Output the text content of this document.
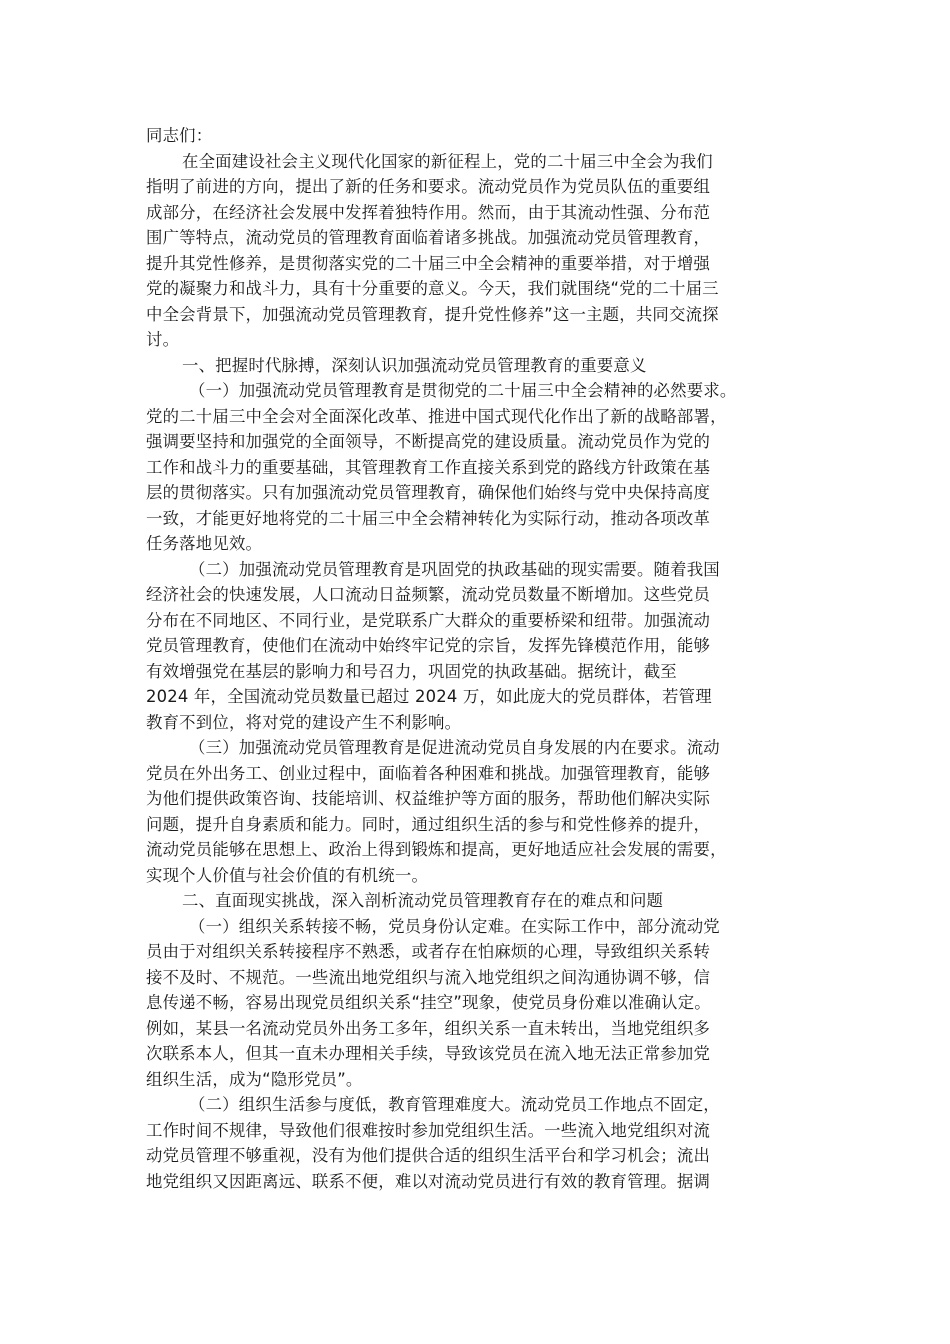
同志们：
在全面建设社会主义现代化国家的新征程上，党的二十届三中全会为我们
指明了前进的方向，提出了新的任务和要求。流动党员作为党员队伍的重要组
成部分，在经济社会发展中发挥着独特作用。然而，由于其流动性强、分布范
围广等特点，流动党员的管理教育面临着诸多挑战。加强流动党员管理教育，
提升其党性修养，是贯彻落实党的二十届三中全会精神的重要举措，对于增强
党的凝聚力和战斗力，具有十分重要的意义。今天，我们就围绕“党的二十届三
中全会背景下，加强流动党员管理教育，提升党性修养”这一主题，共同交流探
讨。
一、把握时代脉搏，深刻认识加强流动党员管理教育的重要意义
（一）加强流动党员管理教育是贯彻党的二十届三中全会精神的必然要求。
党的二十届三中全会对全面深化改革、推进中国式现代化作出了新的战略部署，
强调要坚持和加强党的全面领导，不断提高党的建设质量。流动党员作为党的
工作和战斗力的重要基础，其管理教育工作直接关系到党的路线方针政策在基
层的贯彻落实。只有加强流动党员管理教育，确保他们始终与党中央保持高度
一致，才能更好地将党的二十届三中全会精神转化为实际行动，推动各项改革
任务落地见效。
（二）加强流动党员管理教育是巩固党的执政基础的现实需要。随着我国
经济社会的快速发展，人口流动日益频繁，流动党员数量不断增加。这些党员
分布在不同地区、不同行业，是党联系广大群众的重要桥梁和纽带。加强流动
党员管理教育，使他们在流动中始终牢记党的宗旨，发挥先锋模范作用，能够
有效增强党在基层的影响力和号召力，巩固党的执政基础。据统计，截至
2024 年，全国流动党员数量已超过 2024 万，如此庞大的党员群体，若管理
教育不到位，将对党的建设产生不利影响。
（三）加强流动党员管理教育是促进流动党员自身发展的内在要求。流动
党员在外出务工、创业过程中，面临着各种困难和挑战。加强管理教育，能够
为他们提供政策咨询、技能培训、权益维护等方面的服务，帮助他们解决实际
问题，提升自身素质和能力。同时，通过组织生活的参与和党性修养的提升，
流动党员能够在思想上、政治上得到锻炼和提高，更好地适应社会发展的需要，
实现个人价值与社会价值的有机统一。
二、直面现实挑战，深入剖析流动党员管理教育存在的难点和问题
（一）组织关系转接不畅，党员身份认定难。在实际工作中，部分流动党
员由于对组织关系转接程序不熟悉，或者存在怕麻烦的心理，导致组织关系转
接不及时、不规范。一些流出地党组织与流入地党组织之间沟通协调不够，信
息传递不畅，容易出现党员组织关系“挂空”现象，使党员身份难以准确认定。
例如，某县一名流动党员外出务工多年，组织关系一直未转出，当地党组织多
次联系本人，但其一直未办理相关手续，导致该党员在流入地无法正常参加党
组织生活，成为“隐形党员”。
（二）组织生活参与度低，教育管理难度大。流动党员工作地点不固定，
工作时间不规律，导致他们很难按时参加党组织生活。一些流入地党组织对流
动党员管理不够重视，没有为他们提供合适的组织生活平台和学习机会；流出
地党组织又因距离远、联系不便，难以对流动党员进行有效的教育管理。据调
